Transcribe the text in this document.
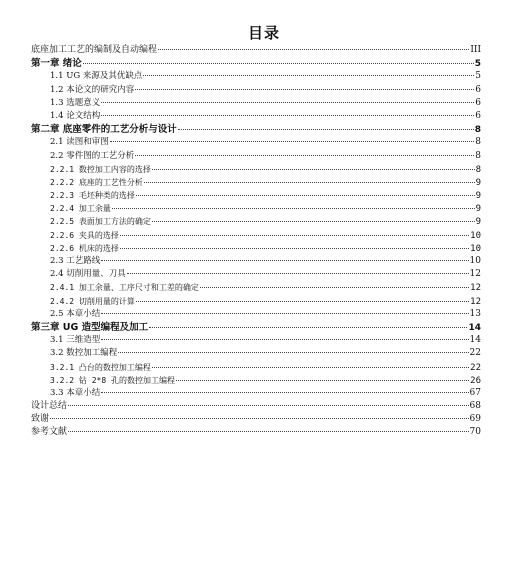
目录
底座加工工艺的编制及自动编程	III
第一章 绪论	5
1.1 UG 来源及其优缺点	5
1.2 本论文的研究内容	6
1.3 选题意义	6
1.4 论文结构	6
第二章 底座零件的工艺分析与设计	8
2.1 读图和审图	8
2.2 零件图的工艺分析	8
2.2.1 数控加工内容的选择	8
2.2.2 底座的工艺性分析	9
2.2.3 毛坯种类的选择	9
2.2.4 加工余量	9
2.2.5 表面加工方法的确定	9
2.2.6 夹具的选择	10
2.2.6 机床的选择	10
2.3 工艺路线	10
2.4 切削用量、刀具	12
2.4.1 加工余量、工序尺寸和工差的确定	12
2.4.2 切削用量的计算	12
2.5 本章小结	13
第三章 UG 造型编程及加工	14
3.1 三维造型	14
3.2 数控加工编程	22
3.2.1 凸台的数控加工编程	22
3.2.2 钻 2*8 孔的数控加工编程	26
3.3 本章小结	67
设计总结	68
致谢	69
参考文献	70
